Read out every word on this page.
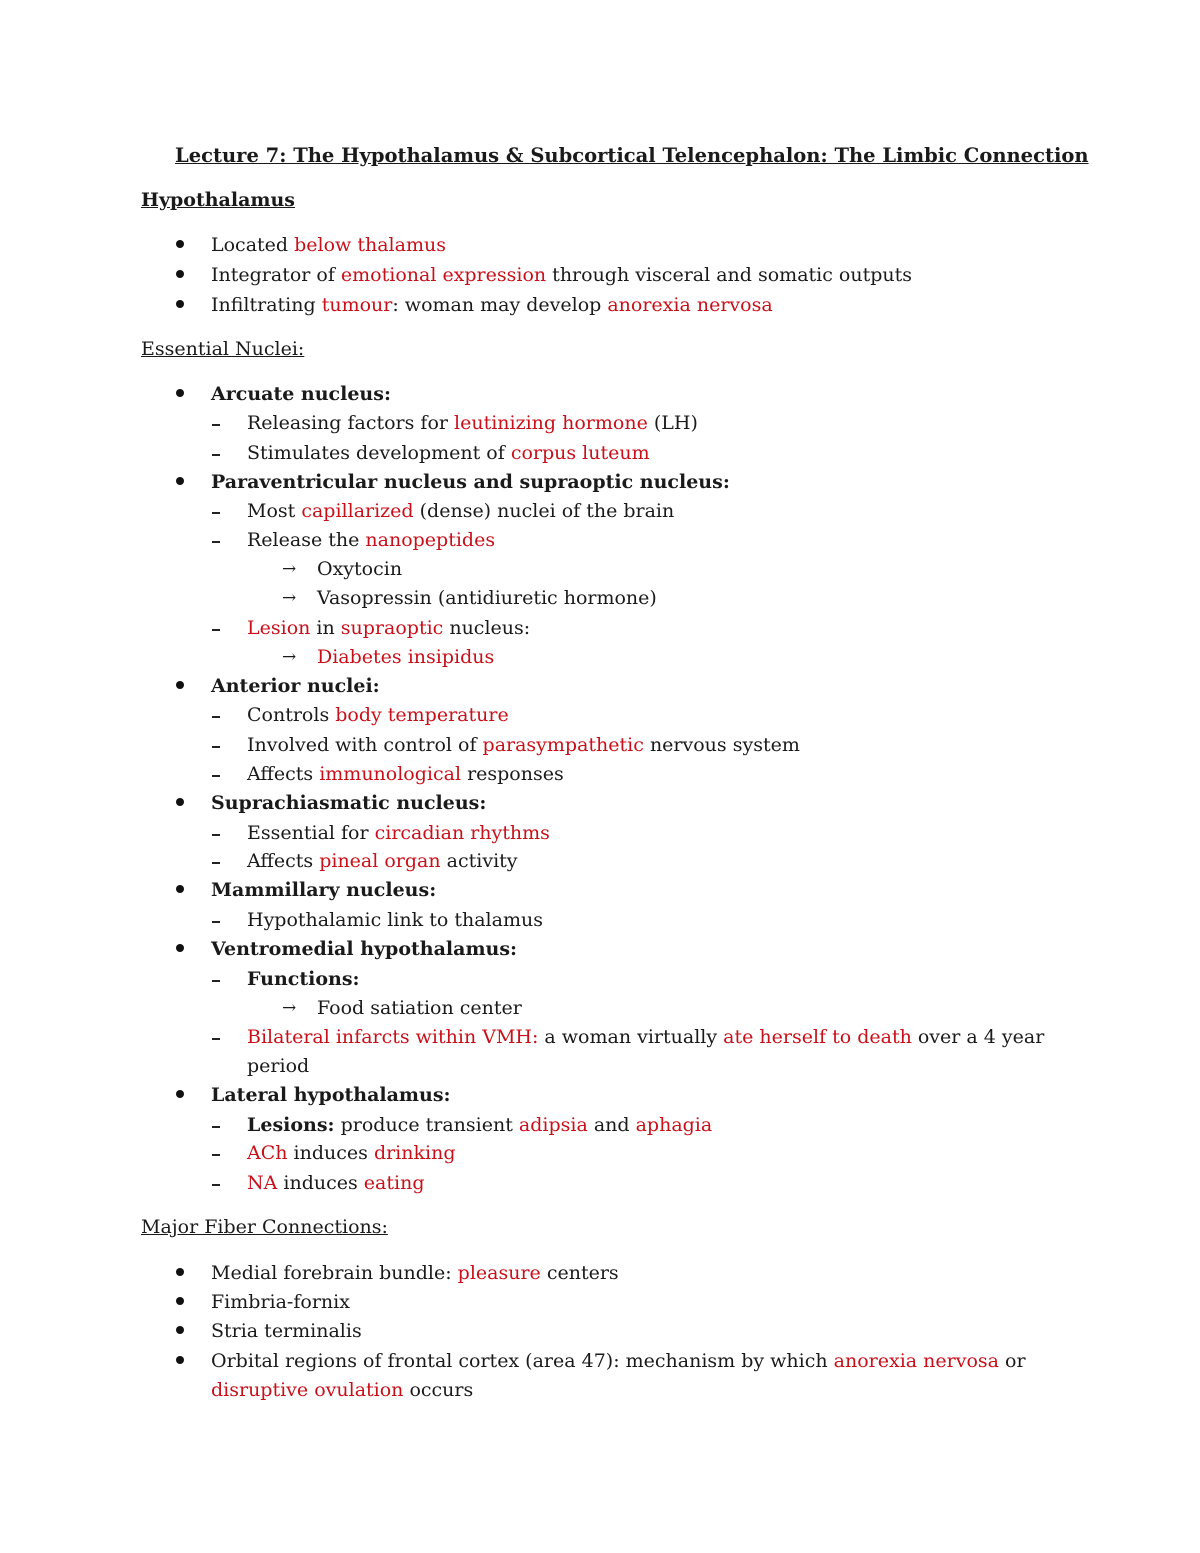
Lecture 7: The Hypothalamus & Subcortical Telencephalon: The Limbic Connection
Hypothalamus
Located below thalamus
Integrator of emotional expression through visceral and somatic outputs
Infiltrating tumour: woman may develop anorexia nervosa
Essential Nuclei:
Arcuate nucleus:
Releasing factors for leutinizing hormone (LH)
Stimulates development of corpus luteum
Paraventricular nucleus and supraoptic nucleus:
Most capillarized (dense) nuclei of the brain
Release the nanopeptides
→ Oxytocin
→ Vasopressin (antidiuretic hormone)
Lesion in supraoptic nucleus:
→ Diabetes insipidus
Anterior nuclei:
Controls body temperature
Involved with control of parasympathetic nervous system
Affects immunological responses
Suprachiasmatic nucleus:
Essential for circadian rhythms
Affects pineal organ activity
Mammillary nucleus:
Hypothalamic link to thalamus
Ventromedial hypothalamus:
Functions:
→ Food satiation center
Bilateral infarcts within VMH: a woman virtually ate herself to death over a 4 year
period
Lateral hypothalamus:
Lesions: produce transient adipsia and aphagia
ACh induces drinking
NA induces eating
Major Fiber Connections:
Medial forebrain bundle: pleasure centers
Fimbria-fornix
Stria terminalis
Orbital regions of frontal cortex (area 47): mechanism by which anorexia nervosa or
disruptive ovulation occurs
